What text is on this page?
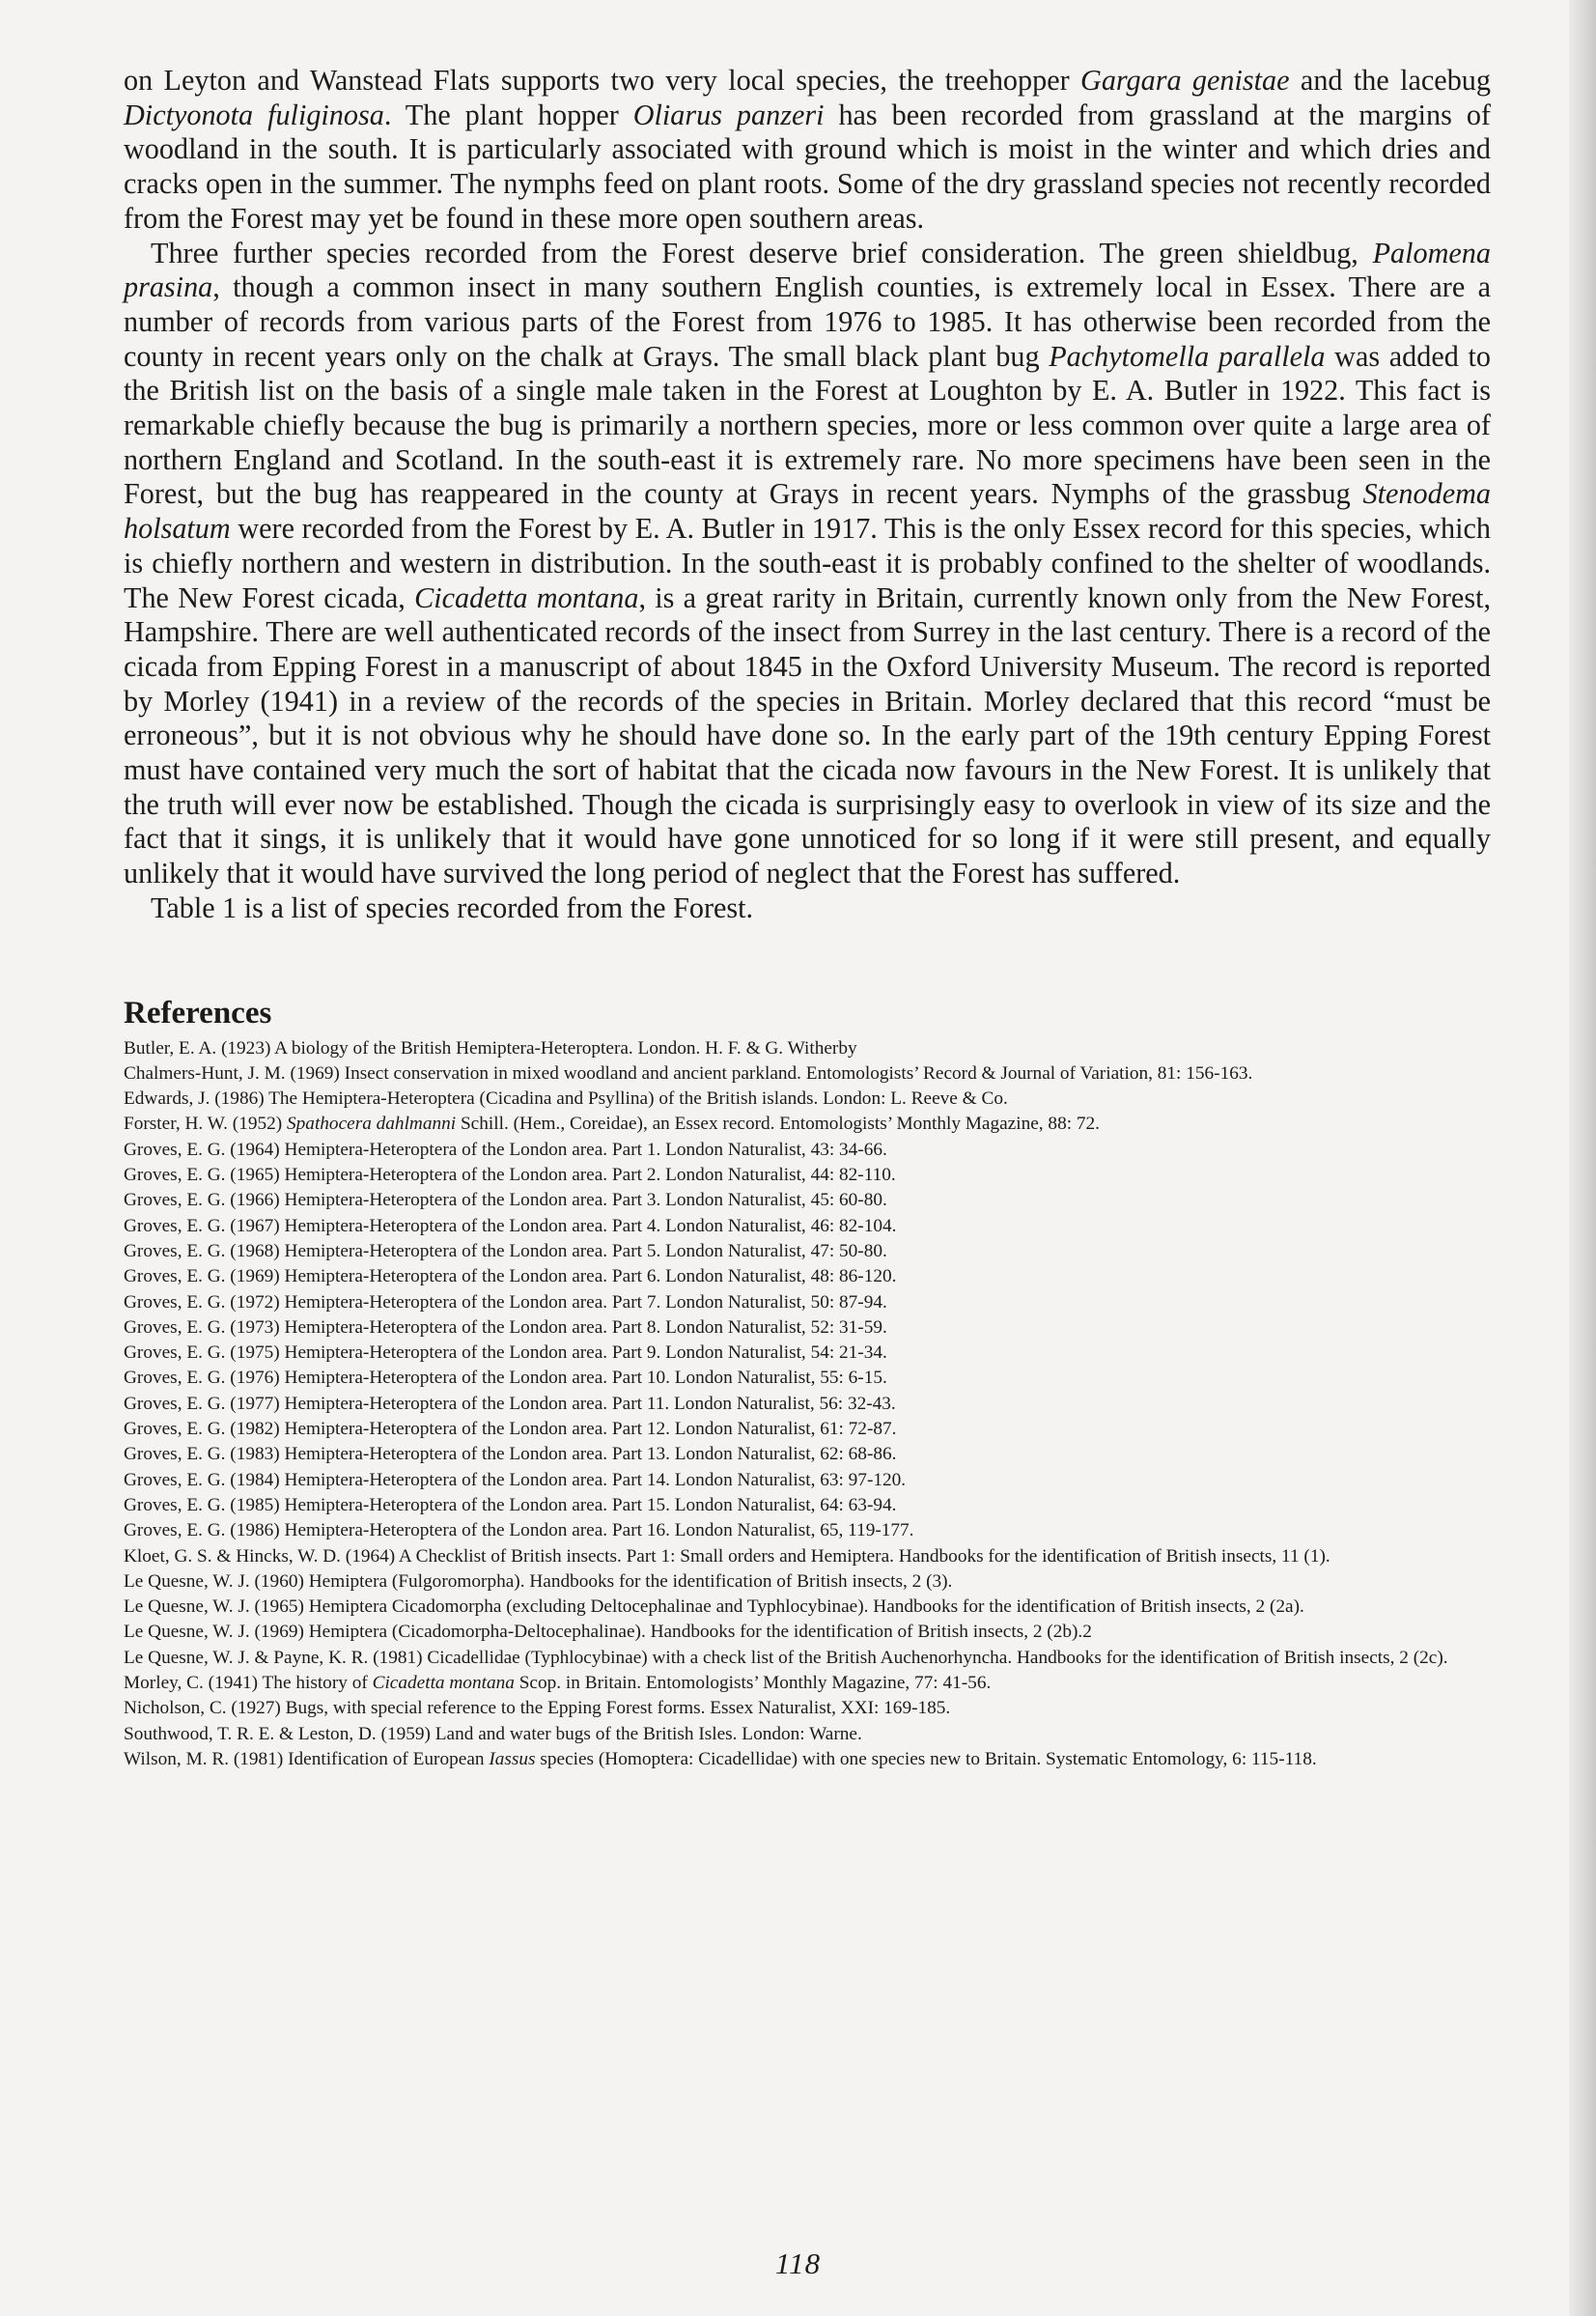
on Leyton and Wanstead Flats supports two very local species, the treehopper Gargara genistae and the lacebug Dictyonota fuliginosa. The plant hopper Oliarus panzeri has been recorded from grassland at the margins of woodland in the south. It is particularly associated with ground which is moist in the winter and which dries and cracks open in the summer. The nymphs feed on plant roots. Some of the dry grassland species not recently recorded from the Forest may yet be found in these more open southern areas.

Three further species recorded from the Forest deserve brief consideration. The green shieldbug, Palomena prasina, though a common insect in many southern English counties, is extremely local in Essex. There are a number of records from various parts of the Forest from 1976 to 1985. It has otherwise been recorded from the county in recent years only on the chalk at Grays. The small black plant bug Pachytomella parallela was added to the British list on the basis of a single male taken in the Forest at Loughton by E. A. Butler in 1922. This fact is remarkable chiefly because the bug is primarily a northern species, more or less common over quite a large area of northern England and Scotland. In the south-east it is extremely rare. No more specimens have been seen in the Forest, but the bug has reappeared in the county at Grays in recent years. Nymphs of the grassbug Stenodema holsatum were recorded from the Forest by E. A. Butler in 1917. This is the only Essex record for this species, which is chiefly northern and western in distribution. In the south-east it is probably confined to the shelter of woodlands. The New Forest cicada, Cicadetta montana, is a great rarity in Britain, currently known only from the New Forest, Hampshire. There are well authenticated records of the insect from Surrey in the last century. There is a record of the cicada from Epping Forest in a manuscript of about 1845 in the Oxford University Museum. The record is reported by Morley (1941) in a review of the records of the species in Britain. Morley declared that this record “must be erroneous”, but it is not obvious why he should have done so. In the early part of the 19th century Epping Forest must have contained very much the sort of habitat that the cicada now favours in the New Forest. It is unlikely that the truth will ever now be established. Though the cicada is surprisingly easy to overlook in view of its size and the fact that it sings, it is unlikely that it would have gone unnoticed for so long if it were still present, and equally unlikely that it would have survived the long period of neglect that the Forest has suffered.

Table 1 is a list of species recorded from the Forest.

References
Butler, E. A. (1923) A biology of the British Hemiptera-Heteroptera. London. H. F. & G. Witherby
Chalmers-Hunt, J. M. (1969) Insect conservation in mixed woodland and ancient parkland. Entomologists’ Record & Journal of Variation, 81: 156-163.
Edwards, J. (1986) The Hemiptera-Heteroptera (Cicadina and Psyllina) of the British islands. London: L. Reeve & Co.
Forster, H. W. (1952) Spathocera dahlmanni Schill. (Hem., Coreidae), an Essex record. Entomologists’ Monthly Magazine, 88: 72.
Groves, E. G. (1964) Hemiptera-Heteroptera of the London area. Part 1. London Naturalist, 43: 34-66.
Groves, E. G. (1965) Hemiptera-Heteroptera of the London area. Part 2. London Naturalist, 44: 82-110.
Groves, E. G. (1966) Hemiptera-Heteroptera of the London area. Part 3. London Naturalist, 45: 60-80.
Groves, E. G. (1967) Hemiptera-Heteroptera of the London area. Part 4. London Naturalist, 46: 82-104.
Groves, E. G. (1968) Hemiptera-Heteroptera of the London area. Part 5. London Naturalist, 47: 50-80.
Groves, E. G. (1969) Hemiptera-Heteroptera of the London area. Part 6. London Naturalist, 48: 86-120.
Groves, E. G. (1972) Hemiptera-Heteroptera of the London area. Part 7. London Naturalist, 50: 87-94.
Groves, E. G. (1973) Hemiptera-Heteroptera of the London area. Part 8. London Naturalist, 52: 31-59.
Groves, E. G. (1975) Hemiptera-Heteroptera of the London area. Part 9. London Naturalist, 54: 21-34.
Groves, E. G. (1976) Hemiptera-Heteroptera of the London area. Part 10. London Naturalist, 55: 6-15.
Groves, E. G. (1977) Hemiptera-Heteroptera of the London area. Part 11. London Naturalist, 56: 32-43.
Groves, E. G. (1982) Hemiptera-Heteroptera of the London area. Part 12. London Naturalist, 61: 72-87.
Groves, E. G. (1983) Hemiptera-Heteroptera of the London area. Part 13. London Naturalist, 62: 68-86.
Groves, E. G. (1984) Hemiptera-Heteroptera of the London area. Part 14. London Naturalist, 63: 97-120.
Groves, E. G. (1985) Hemiptera-Heteroptera of the London area. Part 15. London Naturalist, 64: 63-94.
Groves, E. G. (1986) Hemiptera-Heteroptera of the London area. Part 16. London Naturalist, 65, 119-177.
Kloet, G. S. & Hincks, W. D. (1964) A Checklist of British insects. Part 1: Small orders and Hemiptera. Handbooks for the identification of British insects, 11 (1).
Le Quesne, W. J. (1960) Hemiptera (Fulgoromorpha). Handbooks for the identification of British insects, 2 (3).
Le Quesne, W. J. (1965) Hemiptera Cicadomorpha (excluding Deltocephalinae and Typhlocybinae). Handbooks for the identification of British insects, 2 (2a).
Le Quesne, W. J. (1969) Hemiptera (Cicadomorpha-Deltocephalinae). Handbooks for the identification of British insects, 2 (2b).2
Le Quesne, W. J. & Payne, K. R. (1981) Cicadellidae (Typhlocybinae) with a check list of the British Auchenorhyncha. Handbooks for the identification of British insects, 2 (2c).
Morley, C. (1941) The history of Cicadetta montana Scop. in Britain. Entomologists’ Monthly Magazine, 77: 41-56.
Nicholson, C. (1927) Bugs, with special reference to the Epping Forest forms. Essex Naturalist, XXI: 169-185.
Southwood, T. R. E. & Leston, D. (1959) Land and water bugs of the British Isles. London: Warne.
Wilson, M. R. (1981) Identification of European Iassus species (Homoptera: Cicadellidae) with one species new to Britain. Systematic Entomology, 6: 115-118.
118
